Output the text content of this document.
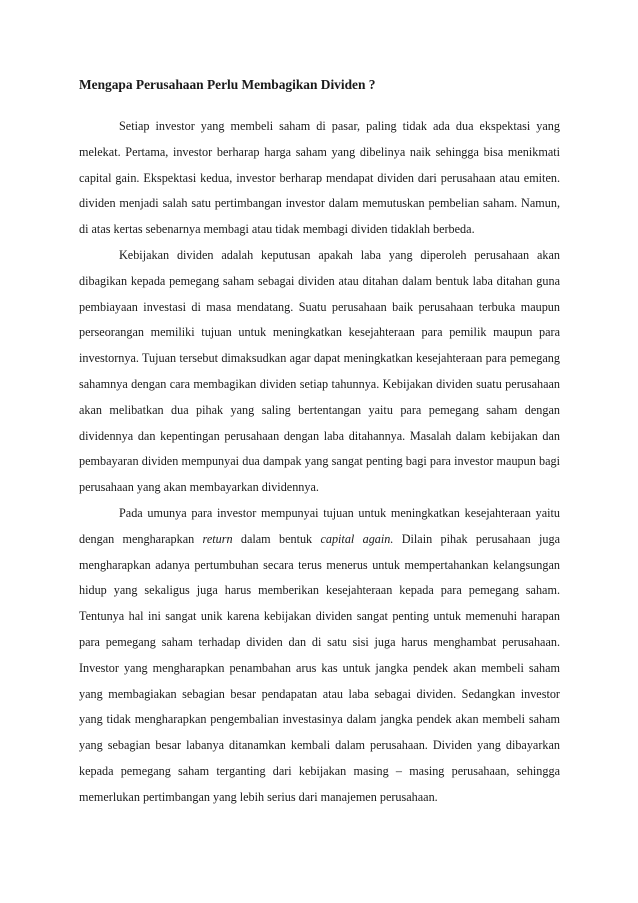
Mengapa Perusahaan Perlu Membagikan Dividen ?

Setiap investor yang membeli saham di pasar, paling tidak ada dua ekspektasi yang melekat. Pertama, investor berharap harga saham yang dibelinya naik sehingga bisa menikmati capital gain. Ekspektasi kedua, investor berharap mendapat dividen dari perusahaan atau emiten. dividen menjadi salah satu pertimbangan investor dalam memutuskan pembelian saham. Namun, di atas kertas sebenarnya membagi atau tidak membagi dividen tidaklah berbeda.

Kebijakan dividen adalah keputusan apakah laba yang diperoleh perusahaan akan dibagikan kepada pemegang saham sebagai dividen atau ditahan dalam bentuk laba ditahan guna pembiayaan investasi di masa mendatang. Suatu perusahaan baik perusahaan terbuka maupun perseorangan memiliki tujuan untuk meningkatkan kesejahteraan para pemilik maupun para investornya. Tujuan tersebut dimaksudkan agar dapat meningkatkan kesejahteraan para pemegang sahamnya dengan cara membagikan dividen setiap tahunnya. Kebijakan dividen suatu perusahaan akan melibatkan dua pihak yang saling bertentangan yaitu para pemegang saham dengan dividennya dan kepentingan perusahaan dengan laba ditahannya. Masalah dalam kebijakan dan pembayaran dividen mempunyai dua dampak yang sangat penting bagi para investor maupun bagi perusahaan yang akan membayarkan dividennya.

Pada umunya para investor mempunyai tujuan untuk meningkatkan kesejahteraan yaitu dengan mengharapkan return dalam bentuk capital again. Dilain pihak perusahaan juga mengharapkan adanya pertumbuhan secara terus menerus untuk mempertahankan kelangsungan hidup yang sekaligus juga harus memberikan kesejahteraan kepada para pemegang saham. Tentunya hal ini sangat unik karena kebijakan dividen sangat penting untuk memenuhi harapan para pemegang saham terhadap dividen dan di satu sisi juga harus menghambat perusahaan. Investor yang mengharapkan penambahan arus kas untuk jangka pendek akan membeli saham yang membagiakan sebagian besar pendapatan atau laba sebagai dividen. Sedangkan investor yang tidak mengharapkan pengembalian investasinya dalam jangka pendek akan membeli saham yang sebagian besar labanya ditanamkan kembali dalam perusahaan. Dividen yang dibayarkan kepada pemegang saham terganting dari kebijakan masing – masing perusahaan, sehingga memerlukan pertimbangan yang lebih serius dari manajemen perusahaan.
